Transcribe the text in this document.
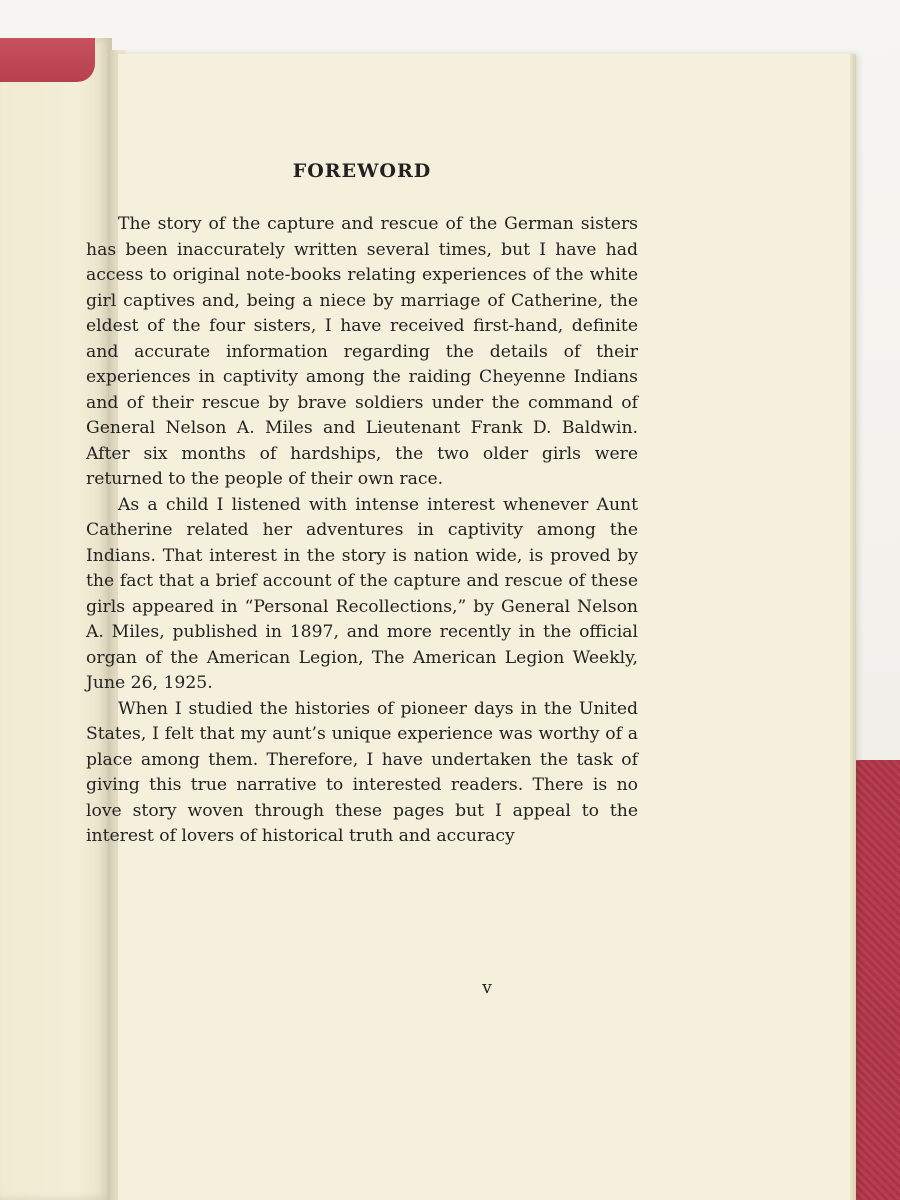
FOREWORD

The story of the capture and rescue of the German sisters has been inaccurately written several times, but I have had access to original note-books relating experiences of the white girl captives and, being a niece by marriage of Catherine, the eldest of the four sisters, I have received first-hand, definite and accurate information regarding the details of their experiences in captivity among the raiding Cheyenne Indians and of their rescue by brave soldiers under the command of General Nelson A. Miles and Lieutenant Frank D. Baldwin. After six months of hardships, the two older girls were returned to the people of their own race.

As a child I listened with intense interest whenever Aunt Catherine related her adventures in captivity among the Indians. That interest in the story is nation wide, is proved by the fact that a brief account of the capture and rescue of these girls appeared in “Personal Recollections,” by General Nelson A. Miles, published in 1897, and more recently in the official organ of the American Legion, The American Legion Weekly, June 26, 1925.

When I studied the histories of pioneer days in the United States, I felt that my aunt’s unique experience was worthy of a place among them. Therefore, I have undertaken the task of giving this true narrative to interested readers. There is no love story woven through these pages but I appeal to the interest of lovers of historical truth and accuracy

v
